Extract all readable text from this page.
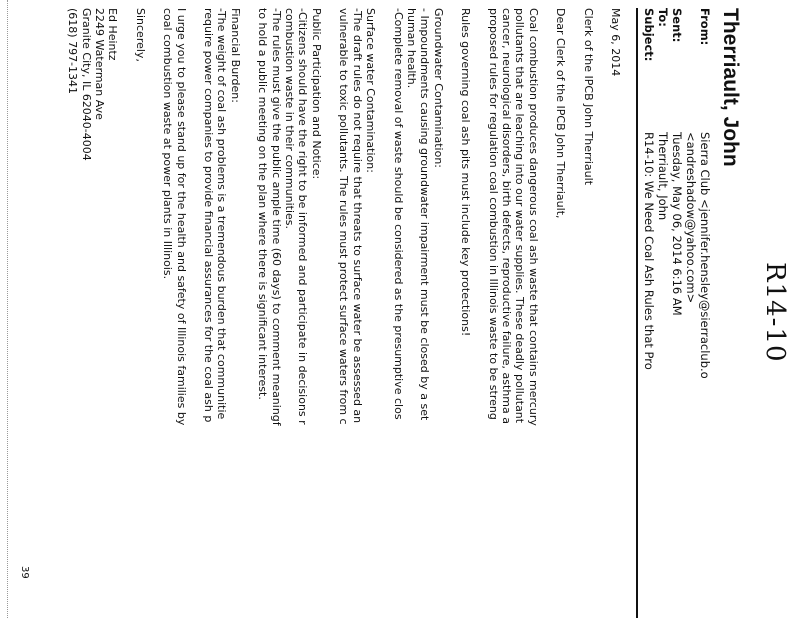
R14-10
Therriault, John
From:
Sierra Club <jennifer.hensley@sierraclub.o
<andreshadow@yahoo.com>
Sent:
Tuesday, May 06, 2014 6:16 AM
To:
Therriault, John
Subject:
R14-10: We Need Coal Ash Rules that Pro

May 6, 2014

Clerk of the IPCB John Therriault

Dear Clerk of the IPCB John Therriault,

Coal combustion produces dangerous coal ash waste that contains mercury
pollutants that are leaching into our water supplies. These deadly pollutant
cancer, neurological disorders, birth defects, reproductive failure, asthma a
proposed rules for regulation coal combustion in Illinois waste to be streng

Rules governing coal ash pits must include key protections!

Groundwater Contamination:
- Impoundments causing groundwater impairment must be closed by a set
human health.
-Complete removal of waste should be considered as the presumptive clos

Surface water Contamination:
-The draft rules do not require that threats to surface water be assessed an
vulnerable to toxic pollutants. The rules must protect surface waters from c

Public Participation and Notice:
-Citizens should have the right to be informed and participate in decisions r
combustion waste in their communities.
-The rules must give the public ample time (60 days) to comment meaningf
to hold a public meeting on the plan where there is significant interest.

Financial Burden:
-The weight of coal ash problems is a tremendous burden that communitie
require power companies to provide financial assurances for the coal ash p

I urge you to please stand up for the health and safety of Illinois families by
coal combustion waste at power plants in Illinois.

Sincerely,

Ed Heintz
2249 Waterman Ave
Granite City, IL 62040-4004
(618) 797-1341

39
